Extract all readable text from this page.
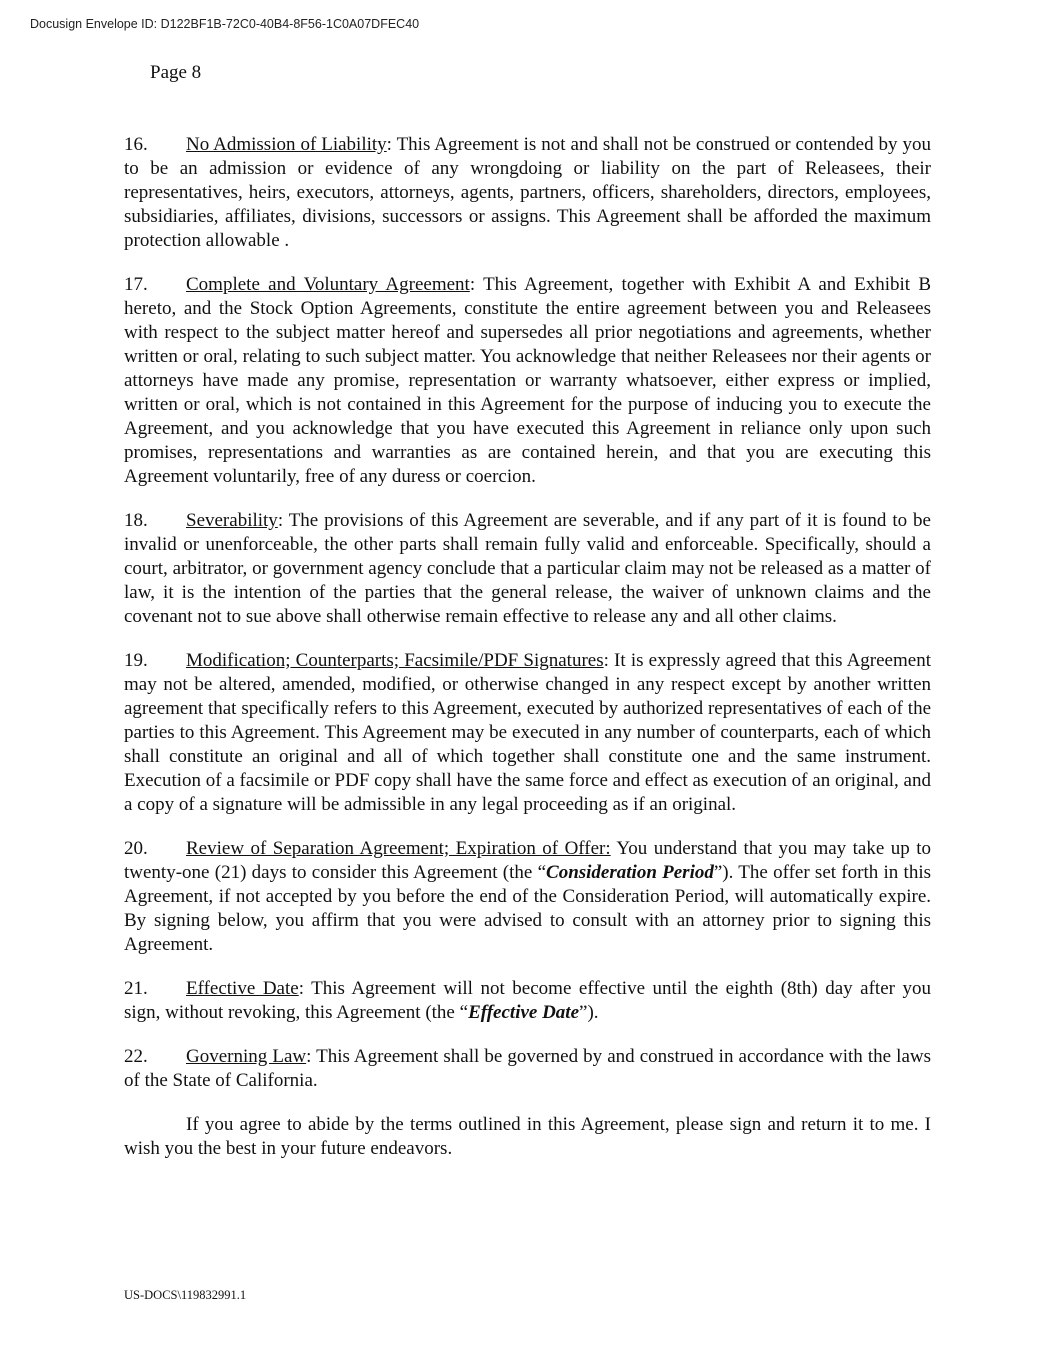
Docusign Envelope ID: D122BF1B-72C0-40B4-8F56-1C0A07DFEC40
Page 8

16. No Admission of Liability: This Agreement is not and shall not be construed or contended by you to be an admission or evidence of any wrongdoing or liability on the part of Releasees, their representatives, heirs, executors, attorneys, agents, partners, officers, shareholders, directors, employees, subsidiaries, affiliates, divisions, successors or assigns. This Agreement shall be afforded the maximum protection allowable .

17. Complete and Voluntary Agreement: This Agreement, together with Exhibit A and Exhibit B hereto, and the Stock Option Agreements, constitute the entire agreement between you and Releasees with respect to the subject matter hereof and supersedes all prior negotiations and agreements, whether written or oral, relating to such subject matter. You acknowledge that neither Releasees nor their agents or attorneys have made any promise, representation or warranty whatsoever, either express or implied, written or oral, which is not contained in this Agreement for the purpose of inducing you to execute the Agreement, and you acknowledge that you have executed this Agreement in reliance only upon such promises, representations and warranties as are contained herein, and that you are executing this Agreement voluntarily, free of any duress or coercion.

18. Severability: The provisions of this Agreement are severable, and if any part of it is found to be invalid or unenforceable, the other parts shall remain fully valid and enforceable. Specifically, should a court, arbitrator, or government agency conclude that a particular claim may not be released as a matter of law, it is the intention of the parties that the general release, the waiver of unknown claims and the covenant not to sue above shall otherwise remain effective to release any and all other claims.

19. Modification; Counterparts; Facsimile/PDF Signatures: It is expressly agreed that this Agreement may not be altered, amended, modified, or otherwise changed in any respect except by another written agreement that specifically refers to this Agreement, executed by authorized representatives of each of the parties to this Agreement. This Agreement may be executed in any number of counterparts, each of which shall constitute an original and all of which together shall constitute one and the same instrument. Execution of a facsimile or PDF copy shall have the same force and effect as execution of an original, and a copy of a signature will be admissible in any legal proceeding as if an original.

20. Review of Separation Agreement; Expiration of Offer: You understand that you may take up to twenty-one (21) days to consider this Agreement (the “Consideration Period”). The offer set forth in this Agreement, if not accepted by you before the end of the Consideration Period, will automatically expire. By signing below, you affirm that you were advised to consult with an attorney prior to signing this Agreement.

21. Effective Date: This Agreement will not become effective until the eighth (8th) day after you sign, without revoking, this Agreement (the “Effective Date”).

22. Governing Law: This Agreement shall be governed by and construed in accordance with the laws of the State of California.

If you agree to abide by the terms outlined in this Agreement, please sign and return it to me. I wish you the best in your future endeavors.

US-DOCS\119832991.1
